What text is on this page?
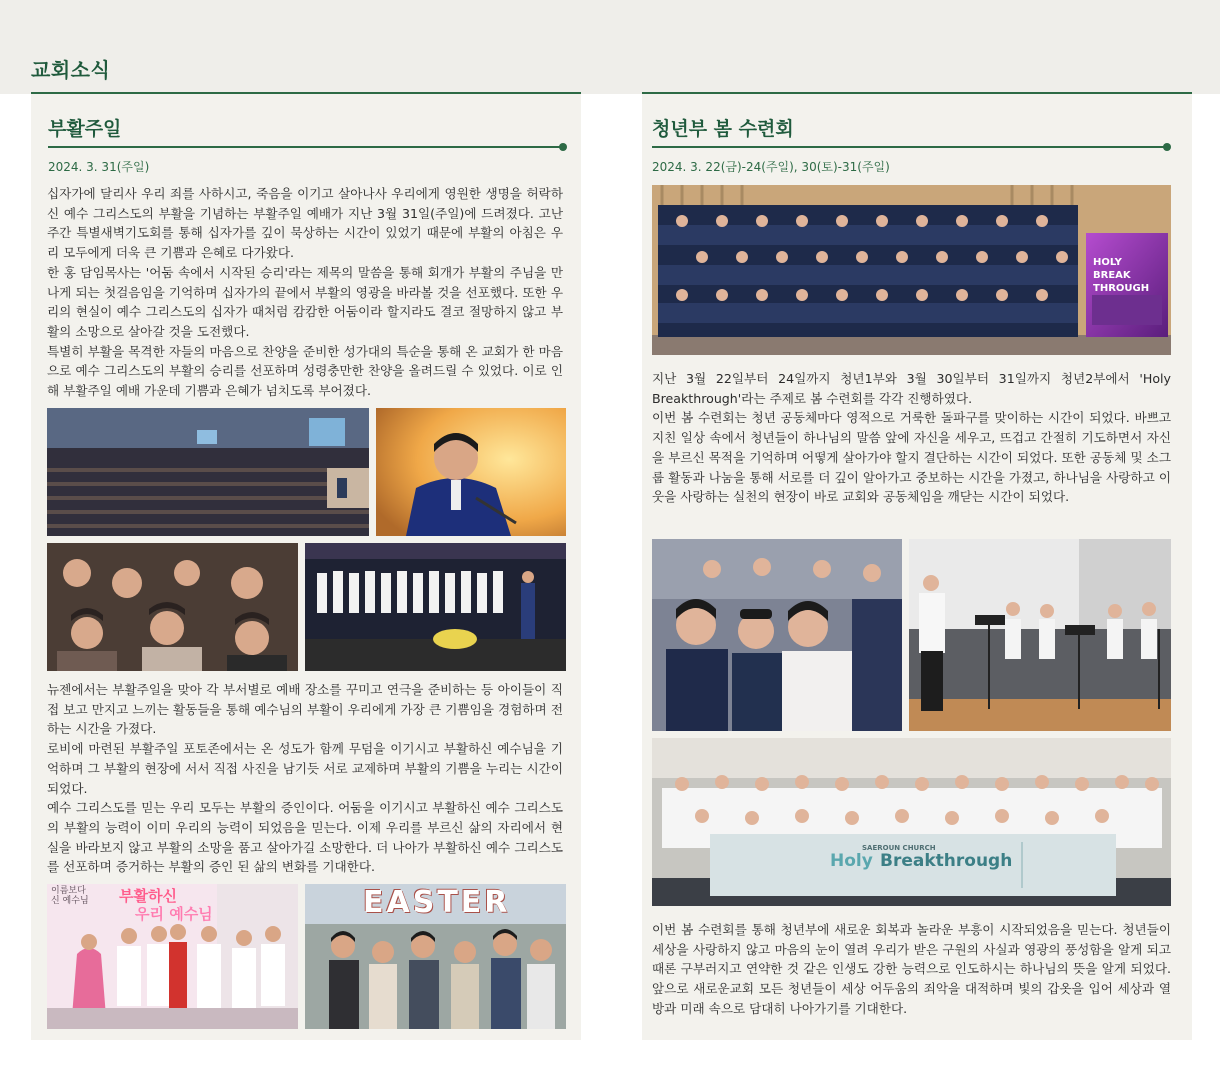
교회소식
부활주일
2024. 3. 31(주일)

십자가에 달리사 우리 죄를 사하시고, 죽음을 이기고 살아나사 우리에게 영원한 생명을 허락하신 예수 그리스도의 부활을 기념하는 부활주일 예배가 지난 3월 31일(주일)에 드려졌다. 고난주간 특별새벽기도회를 통해 십자가를 깊이 묵상하는 시간이 있었기 때문에 부활의 아침은 우리 모두에게 더욱 큰 기쁨과 은혜로 다가왔다.

한 홍 담임목사는 '어둠 속에서 시작된 승리'라는 제목의 말씀을 통해 회개가 부활의 주님을 만나게 되는 첫걸음임을 기억하며 십자가의 끝에서 부활의 영광을 바라볼 것을 선포했다. 또한 우리의 현실이 예수 그리스도의 십자가 때처럼 캄캄한 어둠이라 할지라도 결코 절망하지 않고 부활의 소망으로 살아갈 것을 도전했다.

특별히 부활을 목격한 자들의 마음으로 찬양을 준비한 성가대의 특순을 통해 온 교회가 한 마음으로 예수 그리스도의 부활의 승리를 선포하며 성령충만한 찬양을 올려드릴 수 있었다. 이로 인해 부활주일 예배 가운데 기쁨과 은혜가 넘치도록 부어졌다.

뉴젠에서는 부활주일을 맞아 각 부서별로 예배 장소를 꾸미고 연극을 준비하는 등 아이들이 직접 보고 만지고 느끼는 활동들을 통해 예수님의 부활이 우리에게 가장 큰 기쁨임을 경험하며 전하는 시간을 가졌다.

로비에 마련된 부활주일 포토존에서는 온 성도가 함께 무덤을 이기시고 부활하신 예수님을 기억하며 그 부활의 현장에 서서 직접 사진을 남기듯 서로 교제하며 부활의 기쁨을 누리는 시간이 되었다.

예수 그리스도를 믿는 우리 모두는 부활의 증인이다. 어둠을 이기시고 부활하신 예수 그리스도의 부활의 능력이 이미 우리의 능력이 되었음을 믿는다. 이제 우리를 부르신 삶의 자리에서 현실을 바라보지 않고 부활의 소망을 품고 살아가길 소망한다. 더 나아가 부활하신 예수 그리스도를 선포하며 증거하는 부활의 증인 된 삶의 변화를 기대한다.

이름보다
신 예수님 부활하신
우리 예수님	EASTER
청년부 봄 수련회
2024. 3. 22(금)-24(주일), 30(토)-31(주일)
HOLY
BREAK
THROUGH

지난 3월 22일부터 24일까지 청년1부와 3월 30일부터 31일까지 청년2부에서 'Holy Breakthrough'라는 주제로 봄 수련회를 각각 진행하였다.

이번 봄 수련회는 청년 공동체마다 영적으로 거룩한 돌파구를 맞이하는 시간이 되었다. 바쁘고 지친 일상 속에서 청년들이 하나님의 말씀 앞에 자신을 세우고, 뜨겁고 간절히 기도하면서 자신을 부르신 목적을 기억하며 어떻게 살아가야 할지 결단하는 시간이 되었다. 또한 공동체 및 소그룹 활동과 나눔을 통해 서로를 더 깊이 알아가고 중보하는 시간을 가졌고, 하나님을 사랑하고 이웃을 사랑하는 실천의 현장이 바로 교회와 공동체임을 깨닫는 시간이 되었다.

SAEROUN CHURCH
Holy Breakthrough

이번 봄 수련회를 통해 청년부에 새로운 회복과 놀라운 부흥이 시작되었음을 믿는다. 청년들이 세상을 사랑하지 않고 마음의 눈이 열려 우리가 받은 구원의 사실과 영광의 풍성함을 알게 되고 때론 구부러지고 연약한 것 같은 인생도 강한 능력으로 인도하시는 하나님의 뜻을 알게 되었다. 앞으로 새로운교회 모든 청년들이 세상 어두움의 죄악을 대적하며 빛의 갑옷을 입어 세상과 열방과 미래 속으로 담대히 나아가기를 기대한다.
